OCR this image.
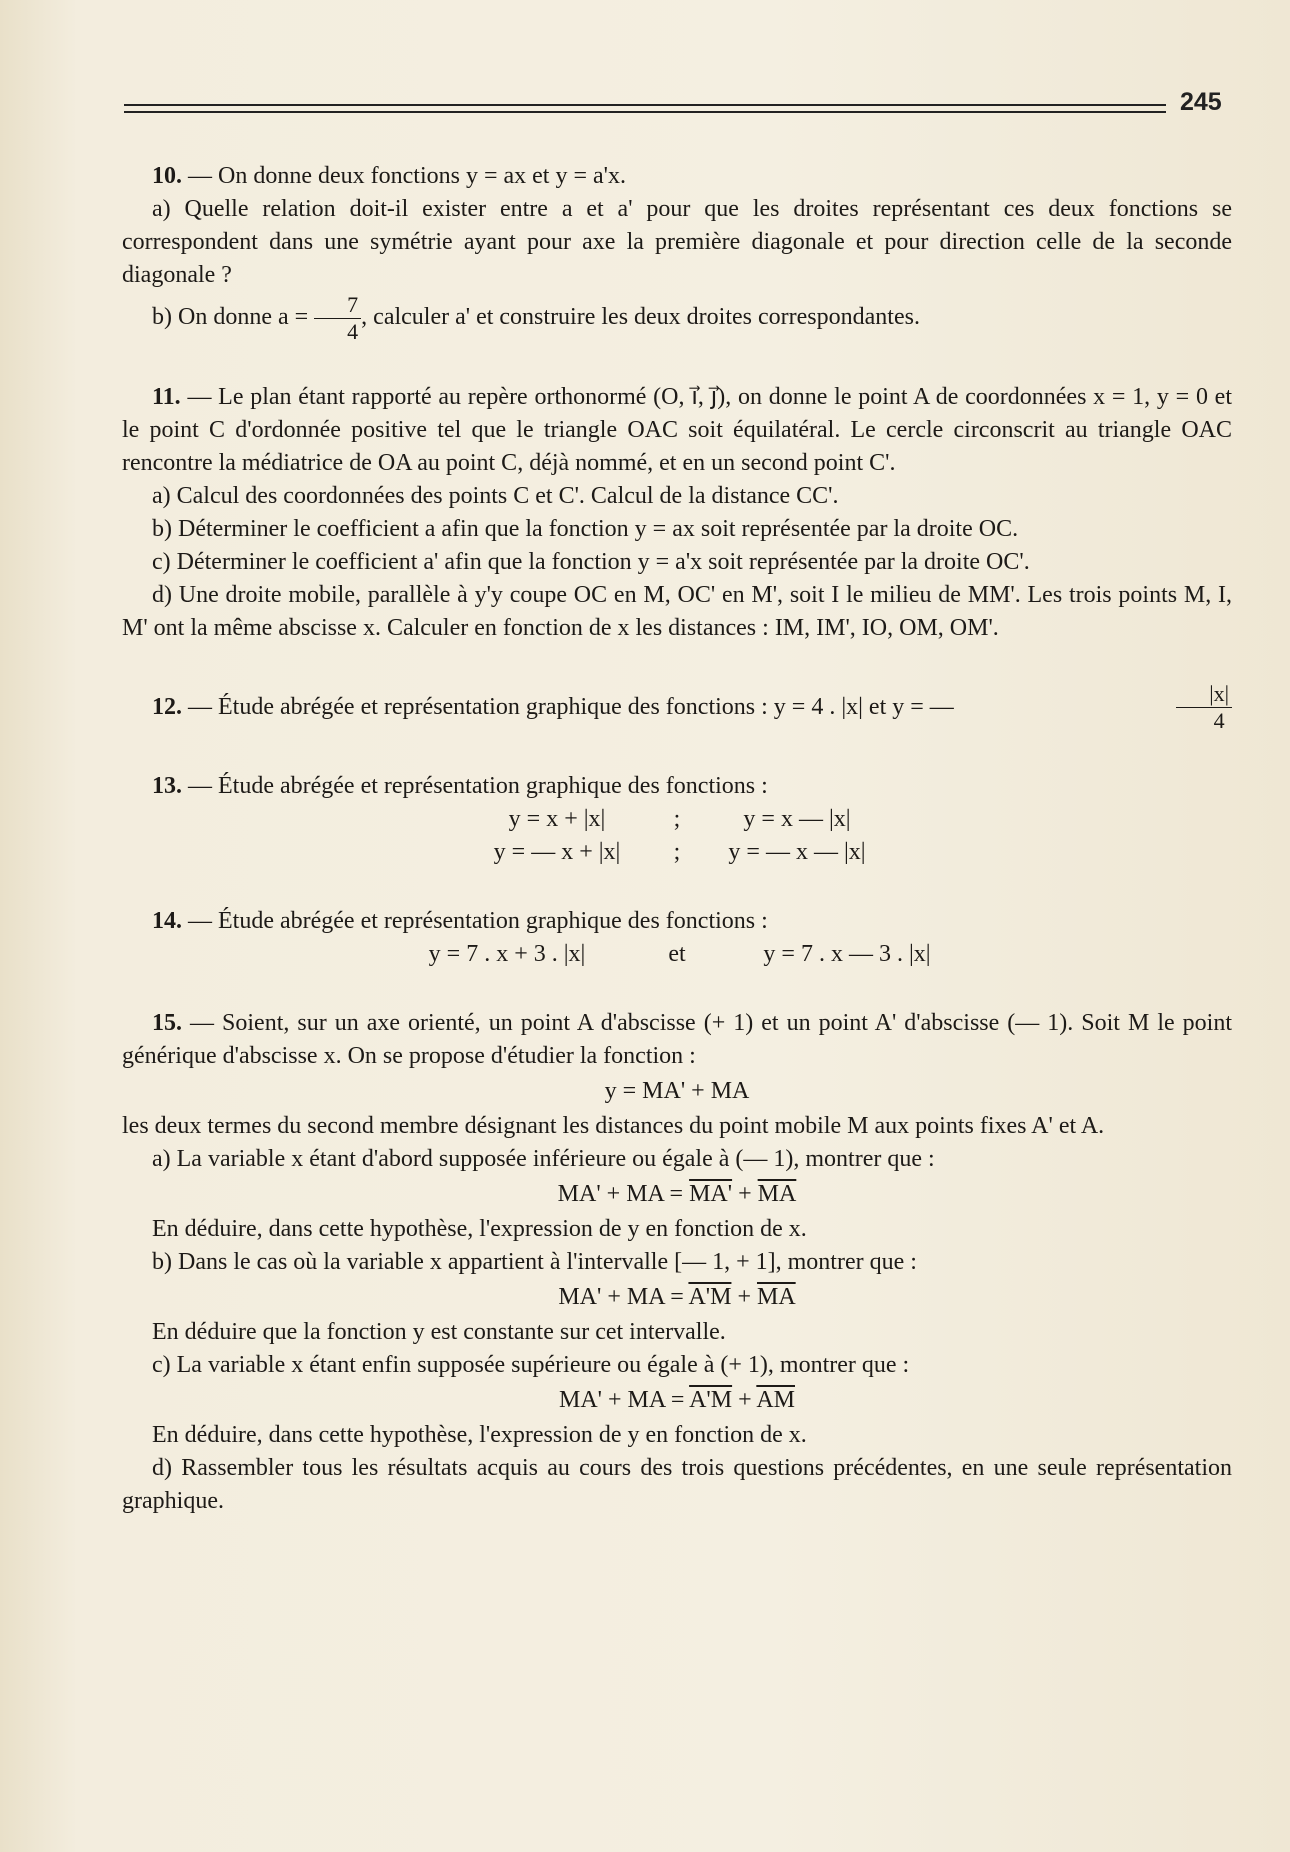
245

10. — On donne deux fonctions y = ax et y = a'x.

a) Quelle relation doit-il exister entre a et a' pour que les droites représentant ces deux fonctions se correspondent dans une symétrie ayant pour axe la première diagonale et pour direction celle de la seconde diagonale ?

b) On donne $a = \frac{7}{4}$ , calculer a' et construire les deux droites correspondantes.

11. — Le plan étant rapporté au repère orthonormé (O, i⃗, j⃗), on donne le point A de coordonnées x = 1, y = 0 et le point C d'ordonnée positive tel que le triangle OAC soit équilatéral. Le cercle circonscrit au triangle OAC rencontre la médiatrice de OA au point C, déjà nommé, et en un second point C'.

a) Calcul des coordonnées des points C et C'. Calcul de la distance CC'.

b) Déterminer le coefficient a afin que la fonction y = ax soit représentée par la droite OC.

c) Déterminer le coefficient a' afin que la fonction y = a'x soit représentée par la droite OC'.

d) Une droite mobile, parallèle à y'y coupe OC en M, OC' en M', soit I le milieu de MM'. Les trois points M, I, M' ont la même abscisse x. Calculer en fonction de x les distances : IM, IM', IO, OM, OM'.

12. — Étude abrégée et représentation graphique des fonctions : y = 4 . |x| et y = —	$\frac{|x|}{4}$

13. — Étude abrégée et représentation graphique des fonctions :

y = x + |x|	;	y = x — |x|
y = — x + |x|	;	y = — x — |x|

14. — Étude abrégée et représentation graphique des fonctions :

y = 7 . x + 3 . |x|	et	y = 7 . x — 3 . |x|

15. — Soient, sur un axe orienté, un point A d'abscisse (+ 1) et un point A' d'abscisse (— 1). Soit M le point générique d'abscisse x. On se propose d'étudier la fonction :

y = MA' + MA

les deux termes du second membre désignant les distances du point mobile M aux points fixes A' et A.

a) La variable x étant d'abord supposée inférieure ou égale à (— 1), montrer que :

MA' + MA = $MA' + \overline{MA}$

En déduire, dans cette hypothèse, l'expression de y en fonction de x.

b) Dans le cas où la variable x appartient à l'intervalle [— 1, + 1], montrer que :

MA' + MA = $A'M + \overline{MA}$

En déduire que la fonction y est constante sur cet intervalle.

c) La variable x étant enfin supposée supérieure ou égale à (+ 1), montrer que :

MA' + MA = $A'M + \overline{AM}$

En déduire, dans cette hypothèse, l'expression de y en fonction de x.

d) Rassembler tous les résultats acquis au cours des trois questions précédentes, en une seule représentation graphique.
